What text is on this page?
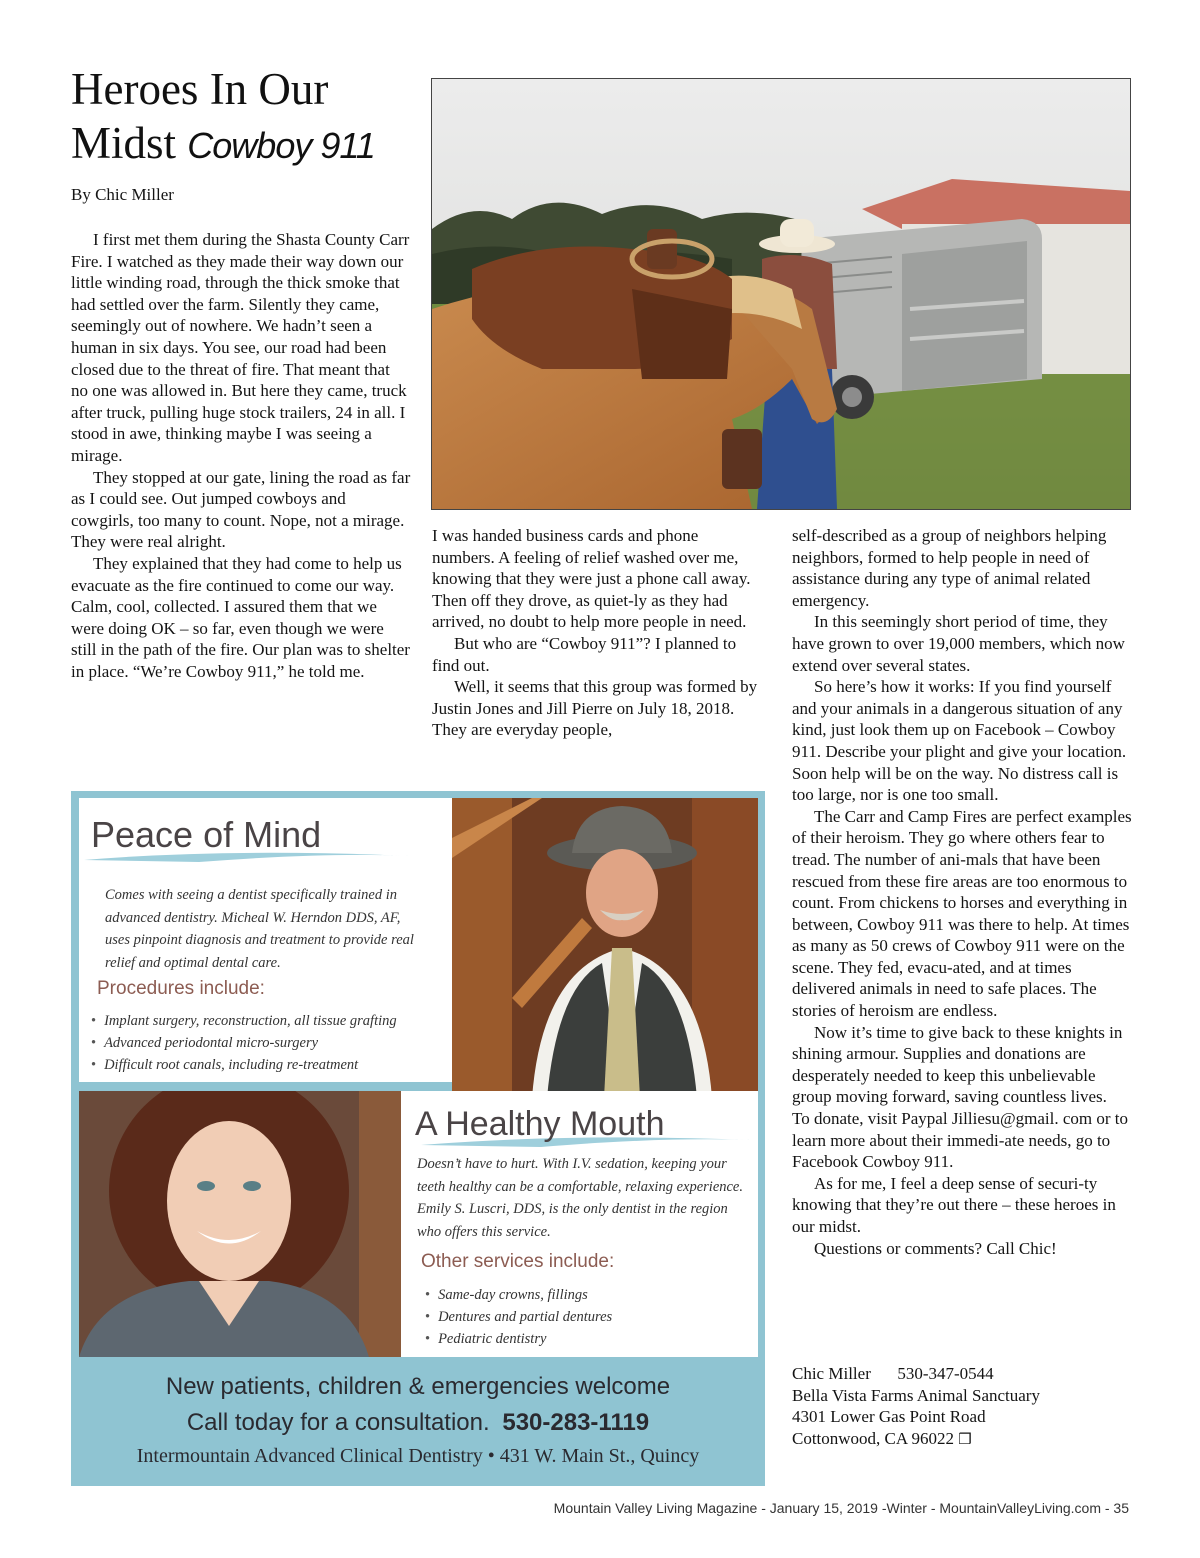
Heroes In Our Midst Cowboy 911
By Chic Miller

I first met them during the Shasta County Carr Fire. I watched as they made their way down our little winding road, through the thick smoke that had settled over the farm. Silently they came, seemingly out of nowhere. We hadn’t seen a human in six days. You see, our road had been closed due to the threat of fire. That meant that no one was allowed in. But here they came, truck after truck, pulling huge stock trailers, 24 in all. I stood in awe, thinking maybe I was seeing a mirage.

They stopped at our gate, lining the road as far as I could see. Out jumped cowboys and cowgirls, too many to count. Nope, not a mirage. They were real alright.

They explained that they had come to help us evacuate as the fire continued to come our way. Calm, cool, collected. I assured them that we were doing OK – so far, even though we were still in the path of the fire. Our plan was to shelter in place. “We’re Cowboy 911,” he told me.

I was handed business cards and phone numbers. A feeling of relief washed over me, knowing that they were just a phone call away. Then off they drove, as quiet-ly as they had arrived, no doubt to help more people in need.

But who are “Cowboy 911”? I planned to find out.

Well, it seems that this group was formed by Justin Jones and Jill Pierre on July 18, 2018. They are everyday people,

self-described as a group of neighbors helping neighbors, formed to help people in need of assistance during any type of animal related emergency.

In this seemingly short period of time, they have grown to over 19,000 members, which now extend over several states.

So here’s how it works: If you find yourself and your animals in a dangerous situation of any kind, just look them up on Facebook – Cowboy 911. Describe your plight and give your location. Soon help will be on the way. No distress call is too large, nor is one too small.

The Carr and Camp Fires are perfect examples of their heroism. They go where others fear to tread. The number of ani-mals that have been rescued from these fire areas are too enormous to count. From chickens to horses and everything in between, Cowboy 911 was there to help. At times as many as 50 crews of Cowboy 911 were on the scene. They fed, evacu-ated, and at times delivered animals in need to safe places. The stories of heroism are endless.

Now it’s time to give back to these knights in shining armour. Supplies and donations are desperately needed to keep this unbelievable group moving forward, saving countless lives.

To donate, visit Paypal Jilliesu@gmail. com or to learn more about their immedi-ate needs, go to Facebook Cowboy 911.

As for me, I feel a deep sense of securi-ty knowing that they’re out there – these heroes in our midst.

Questions or comments? Call Chic!

Chic Miller 530-347-0544
Bella Vista Farms Animal Sanctuary
4301 Lower Gas Point Road
Cottonwood, CA 96022 ❒
Peace of Mind
Comes with seeing a dentist specifically trained in advanced dentistry. Micheal W. Herndon DDS, AF, uses pinpoint diagnosis and treatment to provide real relief and optimal dental care.
Procedures include:
• Implant surgery, reconstruction, all tissue grafting
• Advanced periodontal micro-surgery
• Difficult root canals, including re-treatment
A Healthy Mouth
Doesn’t have to hurt. With I.V. sedation, keeping your teeth healthy can be a comfortable, relaxing experience. Emily S. Luscri, DDS, is the only dentist in the region who offers this service.
Other services include:
• Same-day crowns, fillings
• Dentures and partial dentures
• Pediatric dentistry
New patients, children & emergencies welcome
Call today for a consultation. 530-283-1119
Intermountain Advanced Clinical Dentistry • 431 W. Main St., Quincy
Mountain Valley Living Magazine - January 15, 2019 -Winter - MountainValleyLiving.com - 35
